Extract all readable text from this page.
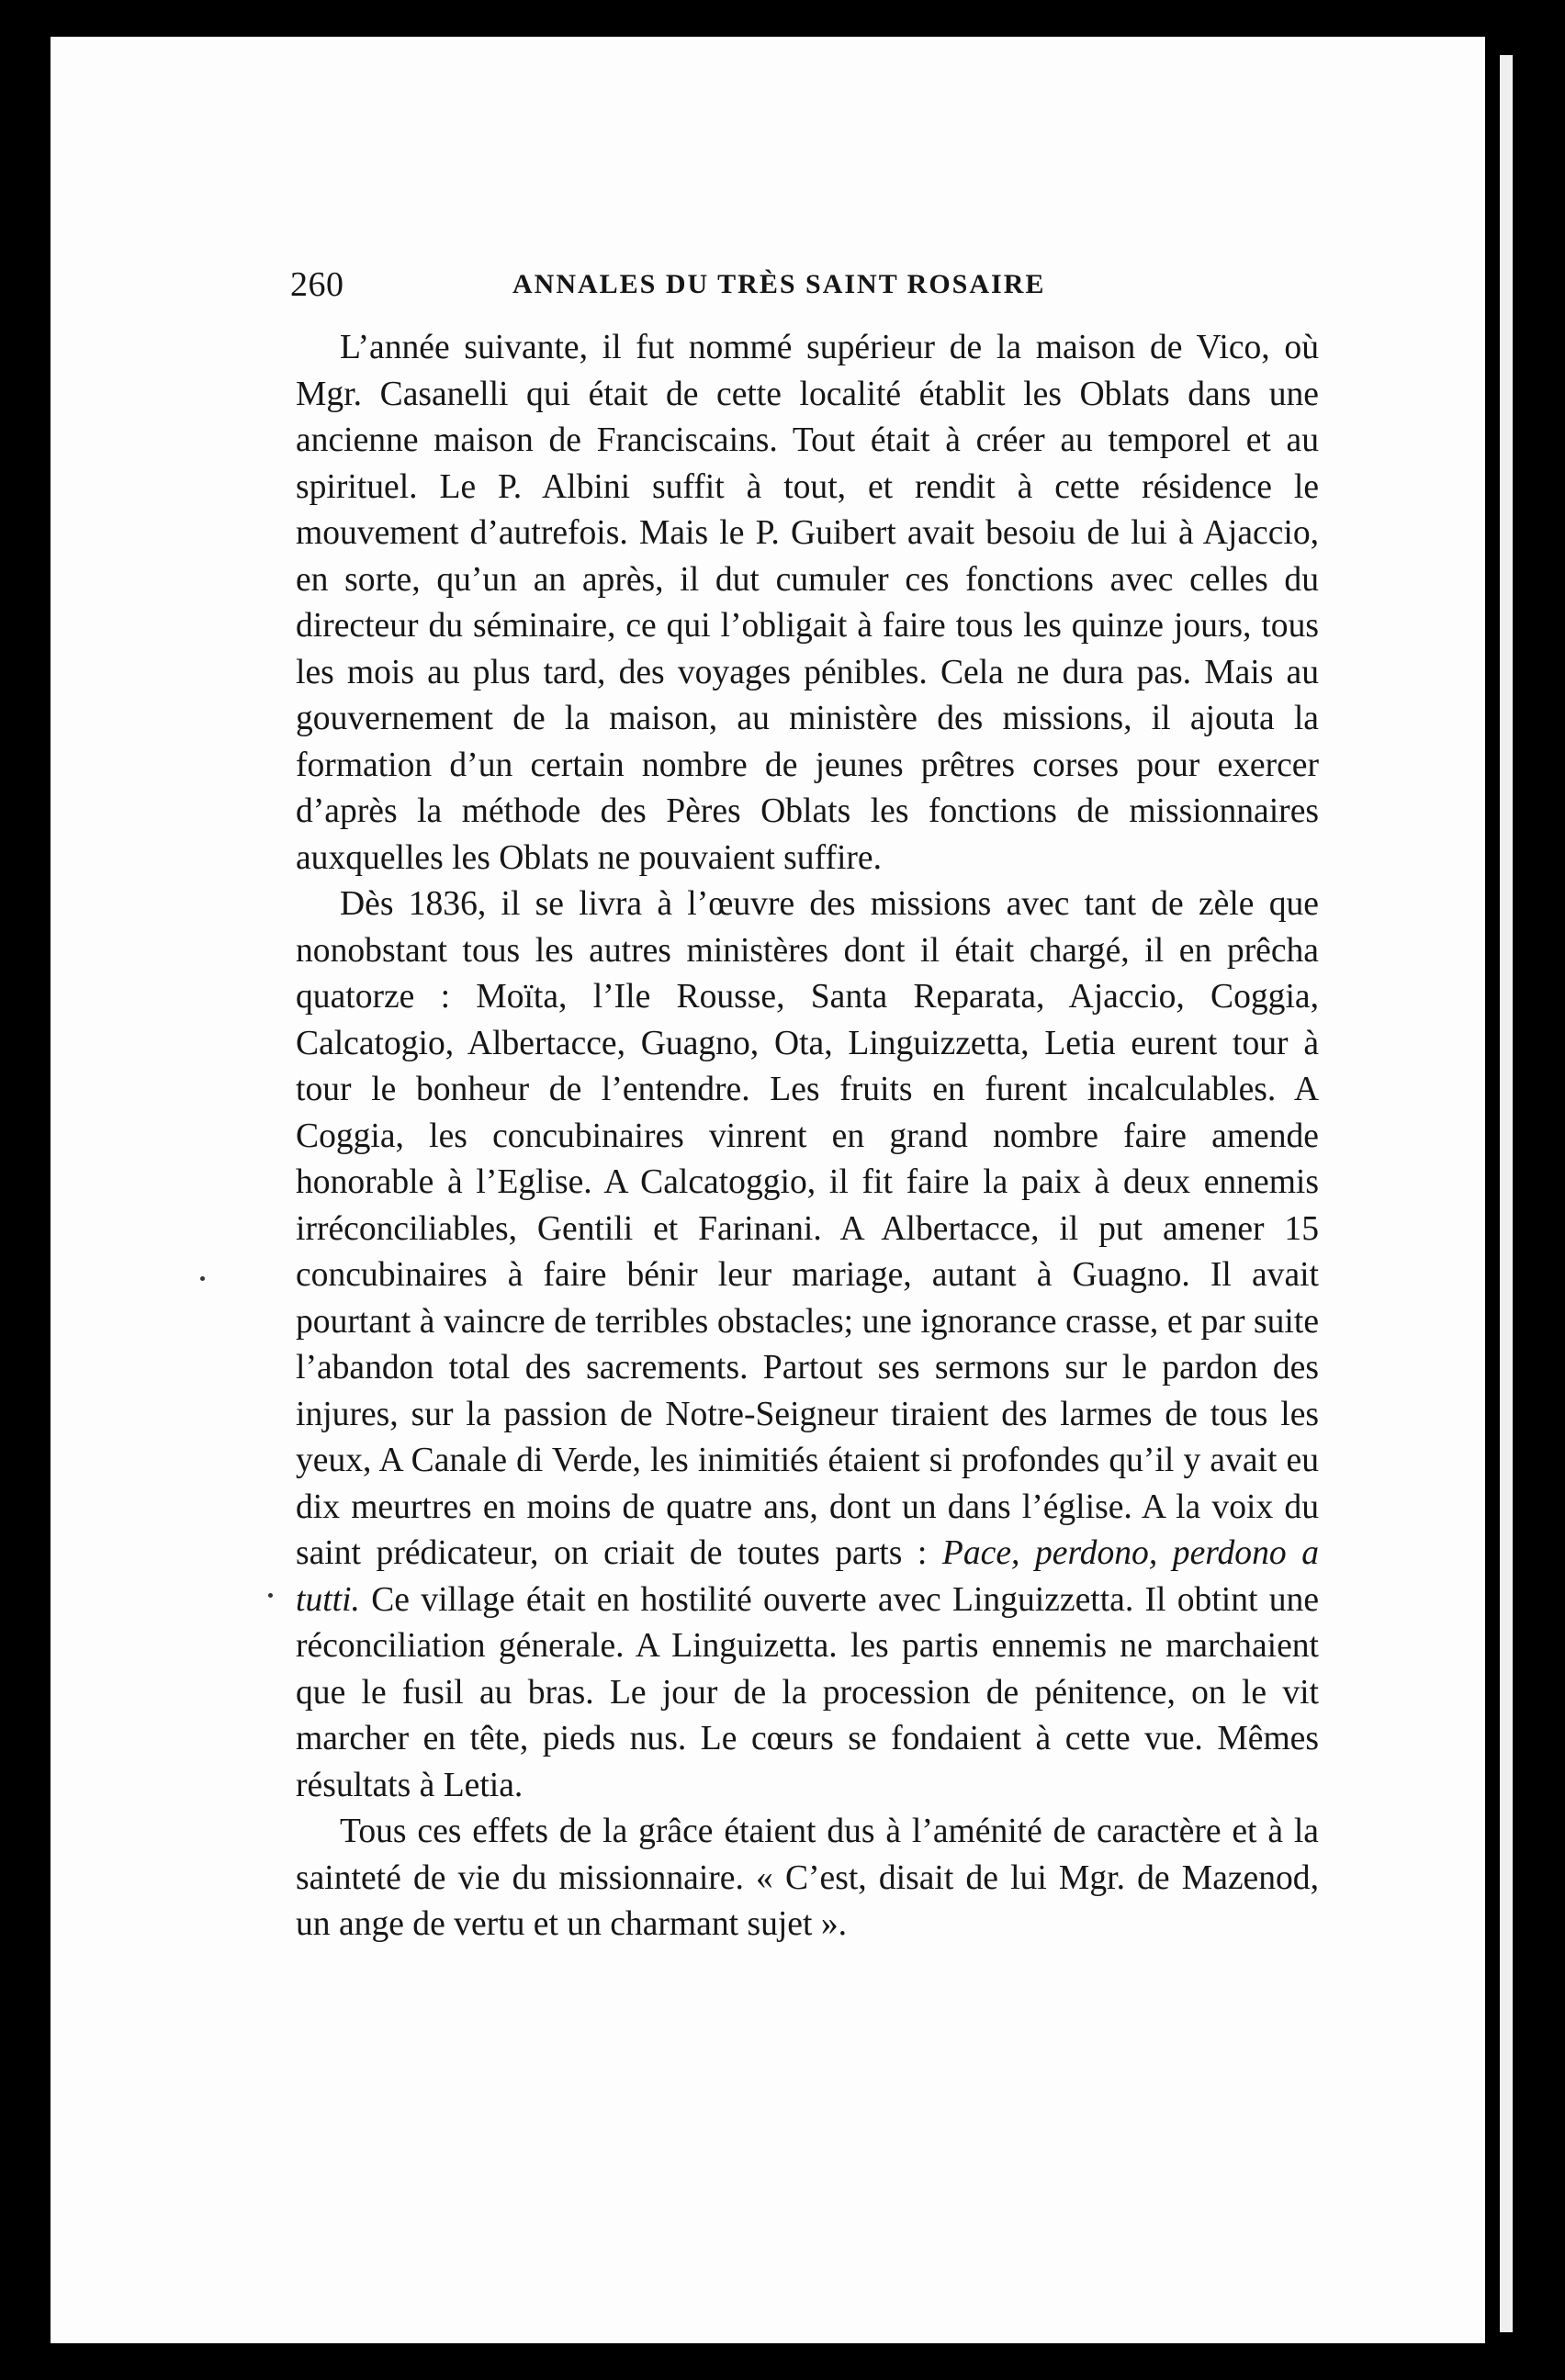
260	ANNALES DU TRÈS SAINT ROSAIRE

L’année suivante, il fut nommé supérieur de la maison de Vico, où Mgr. Casanelli qui était de cette localité établit les Oblats dans une ancienne maison de Franciscains. Tout était à créer au temporel et au spirituel. Le P. Albini suffit à tout, et rendit à cette résidence le mouvement d’autrefois. Mais le P. Guibert avait besoiu de lui à Ajaccio, en sorte, qu’un an après, il dut cumuler ces fonctions avec celles du directeur du séminaire, ce qui l’obligait à faire tous les quinze jours, tous les mois au plus tard, des voyages pénibles. Cela ne dura pas. Mais au gouvernement de la maison, au ministère des missions, il ajouta la formation d’un certain nombre de jeunes prêtres corses pour exercer d’après la méthode des Pères Oblats les fonctions de missionnaires auxquelles les Oblats ne pouvaient suffire.

Dès 1836, il se livra à l’œuvre des missions avec tant de zèle que nonobstant tous les autres ministères dont il était chargé, il en prêcha quatorze : Moïta, l’Ile Rousse, Santa Reparata, Ajaccio, Coggia, Calcatogio, Albertacce, Guagno, Ota, Linguizzetta, Letia eurent tour à tour le bonheur de l’entendre. Les fruits en furent incalculables. A Coggia, les concubinaires vinrent en grand nombre faire amende honorable à l’Eglise. A Calcatoggio, il fit faire la paix à deux ennemis irréconciliables, Gentili et Farinani. A Albertacce, il put amener 15 concubinaires à faire bénir leur mariage, autant à Guagno. Il avait pourtant à vaincre de terribles obstacles; une ignorance crasse, et par suite l’abandon total des sacrements. Partout ses sermons sur le pardon des injures, sur la passion de Notre-Seigneur tiraient des larmes de tous les yeux, A Canale di Verde, les inimitiés étaient si profondes qu’il y avait eu dix meurtres en moins de quatre ans, dont un dans l’église. A la voix du saint prédicateur, on criait de toutes parts : Pace, perdono, perdono a tutti. Ce village était en hostilité ouverte avec Linguizzetta. Il obtint une réconciliation génerale. A Linguizetta. les partis ennemis ne marchaient que le fusil au bras. Le jour de la procession de pénitence, on le vit marcher en tête, pieds nus. Le cœurs se fondaient à cette vue. Mêmes résultats à Letia.

Tous ces effets de la grâce étaient dus à l’aménité de caractère et à la sainteté de vie du missionnaire. « C’est, disait de lui Mgr. de Mazenod, un ange de vertu et un charmant sujet ».
